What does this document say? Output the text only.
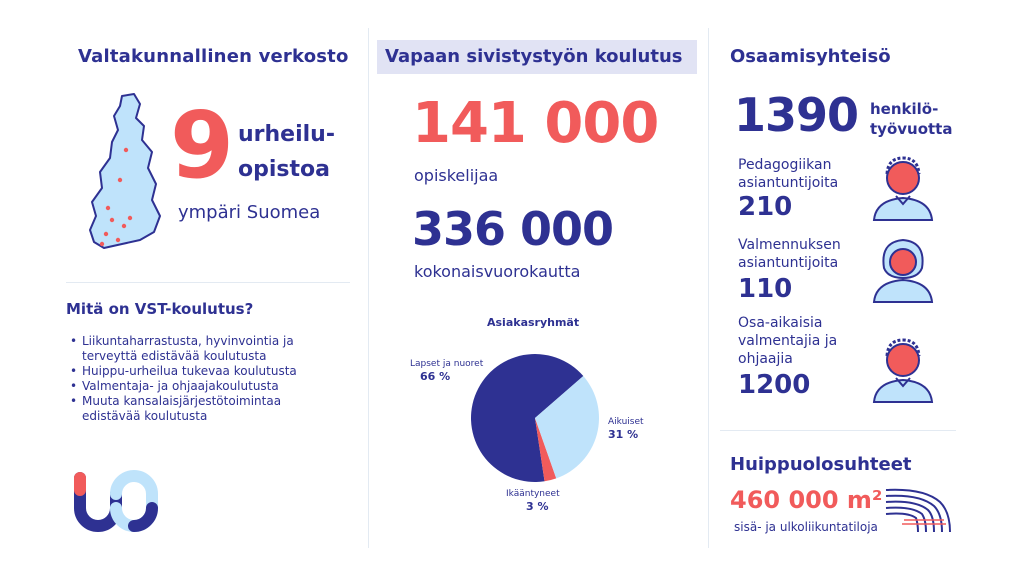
Valtakunnallinen verkosto
9 urheilu-
opistoa
ympäri Suomea
Mitä on VST-koulutus?
• Liikuntaharrastusta, hyvinvointia ja
terveyttä edistävää koulutusta
• Huippu-urheilua tukevaa koulutusta
• Valmentaja- ja ohjaajakoulutusta
• Muuta kansalaisjärjestötoimintaa
edistävää koulutusta
Vapaan sivistystyön koulutus
141 000
opiskelijaa
336 000
kokonaisvuorokautta
Asiakasryhmät
Lapset ja nuoret
66 %
Aikuiset
31 %
Ikääntyneet
3 %
Osaamisyhteisö
1390 henkilö-
työvuotta
Pedagogiikan
asiantuntijoita
210
Valmennuksen
asiantuntijoita
110
Osa-aikaisia
valmentajia ja
ohjaajia
1200
Huippuolosuhteet
460 000 m²
sisä- ja ulkoliikuntatiloja
